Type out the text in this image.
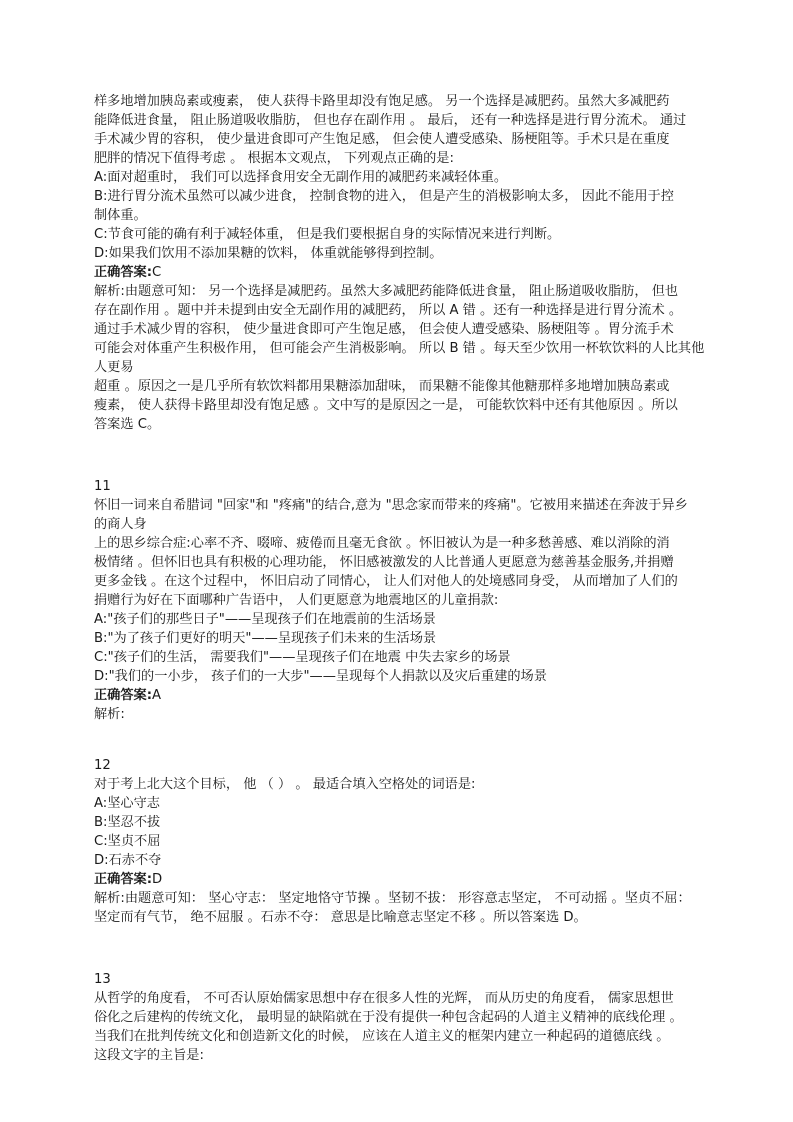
样多地增加胰岛素或瘦素， 使人获得卡路里却没有饱足感。 另一个选择是减肥药。虽然大多减肥药

能降低进食量， 阻止肠道吸收脂肪， 但也存在副作用 。 最后， 还有一种选择是进行胃分流术。 通过

手术减少胃的容积， 使少量进食即可产生饱足感， 但会使人遭受感染、肠梗阻等。手术只是在重度

肥胖的情况下值得考虑 。 根据本文观点， 下列观点正确的是:

A:面对超重时， 我们可以选择食用安全无副作用的减肥药来减轻体重。

B:进行胃分流术虽然可以减少进食， 控制食物的进入， 但是产生的消极影响太多， 因此不能用于控

制体重。

C:节食可能的确有利于减轻体重， 但是我们要根据自身的实际情况来进行判断。

D:如果我们饮用不添加果糖的饮料， 体重就能够得到控制。

正确答案:C

解析:由题意可知： 另一个选择是减肥药。虽然大多减肥药能降低进食量， 阻止肠道吸收脂肪， 但也

存在副作用 。题中并未提到由安全无副作用的减肥药， 所以 A 错 。还有一种选择是进行胃分流术 。

通过手术减少胃的容积， 使少量进食即可产生饱足感， 但会使人遭受感染、肠梗阻等 。胃分流手术

可能会对体重产生积极作用， 但可能会产生消极影响。 所以 B 错 。每天至少饮用一杯软饮料的人比其他人更易

超重 。原因之一是几乎所有软饮料都用果糖添加甜味， 而果糖不能像其他糖那样多地增加胰岛素或

瘦素， 使人获得卡路里却没有饱足感 。文中写的是原因之一是， 可能软饮料中还有其他原因 。所以

答案选 C。

11

怀旧一词来自希腊词 "回家"和 "疼痛"的结合,意为 "思念家而带来的疼痛"。它被用来描述在奔波于异乡

的商人身

上的思乡综合症:心率不齐、啜啼、疲倦而且毫无食欲 。怀旧被认为是一种多愁善感、难以消除的消

极情绪 。但怀旧也具有积极的心理功能， 怀旧感被激发的人比普通人更愿意为慈善基金服务,并捐赠

更多金钱 。在这个过程中， 怀旧启动了同情心， 让人们对他人的处境感同身受， 从而增加了人们的

捐赠行为好在下面哪种广告语中， 人们更愿意为地震地区的儿童捐款:

A:"孩子们的那些日子"——呈现孩子们在地震前的生活场景

B:"为了孩子们更好的明天"——呈现孩子们未来的生活场景

C:"孩子们的生活， 需要我们"——呈现孩子们在地震 中失去家乡的场景

D:"我们的一小步， 孩子们的一大步"——呈现每个人捐款以及灾后重建的场景

正确答案:A

解析:

12

对于考上北大这个目标， 他 （ ） 。 最适合填入空格处的词语是:

A:坚心守志

B:坚忍不拔

C:坚贞不屈

D:石赤不夺

正确答案:D

解析:由题意可知： 坚心守志： 坚定地恪守节操 。坚韧不拔： 形容意志坚定， 不可动摇 。坚贞不屈：

坚定而有气节， 绝不屈服 。石赤不夺： 意思是比喻意志坚定不移 。所以答案选 D。

13

从哲学的角度看， 不可否认原始儒家思想中存在很多人性的光辉， 而从历史的角度看， 儒家思想世

俗化之后建构的传统文化， 最明显的缺陷就在于没有提供一种包含起码的人道主义精神的底线伦理 。

当我们在批判传统文化和创造新文化的时候， 应该在人道主义的框架内建立一种起码的道德底线 。

这段文字的主旨是:
